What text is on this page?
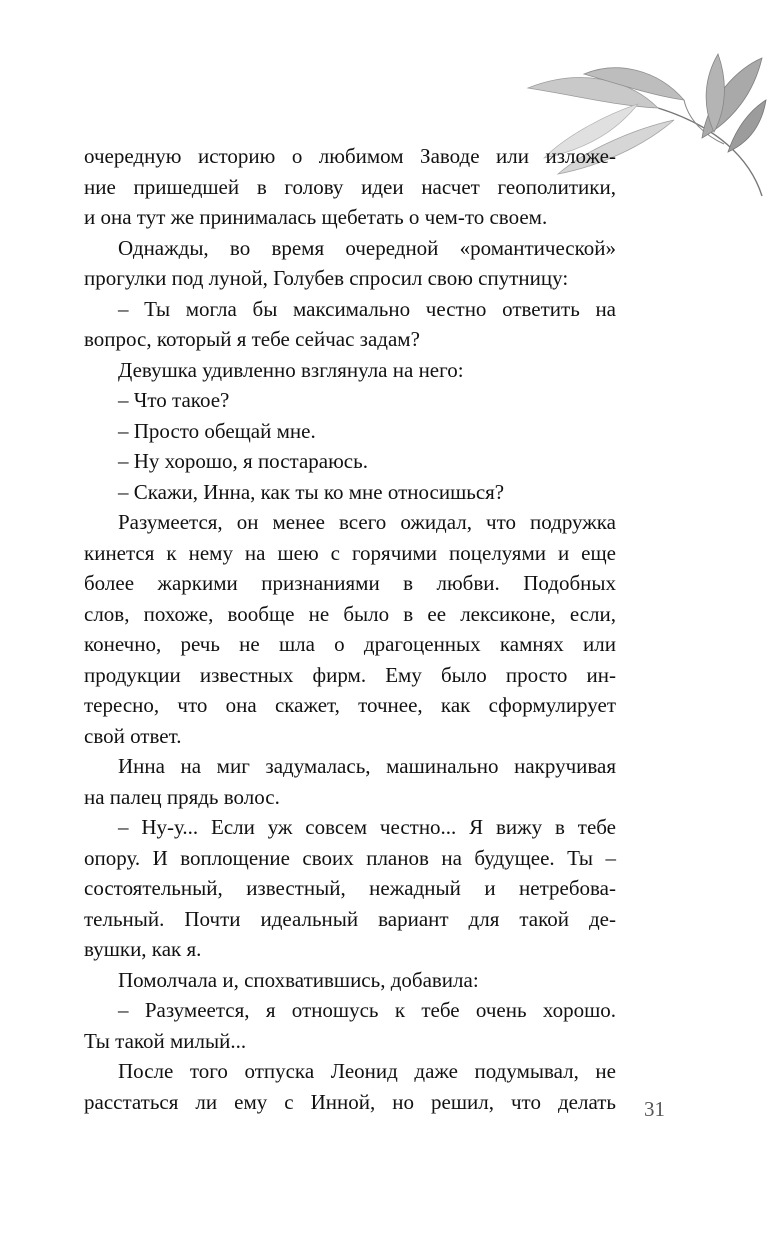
очередную историю о любимом Заводе или изложе-
ние пришедшей в голову идеи насчет геополитики,
и она тут же принималась щебетать о чем-то своем.
Однажды, во время очередной «романтической»
прогулки под луной, Голубев спросил свою спутницу:
– Ты могла бы максимально честно ответить на
вопрос, который я тебе сейчас задам?
Девушка удивленно взглянула на него:
– Что такое?
– Просто обещай мне.
– Ну хорошо, я постараюсь.
– Скажи, Инна, как ты ко мне относишься?
Разумеется, он менее всего ожидал, что подружка
кинется к нему на шею с горячими поцелуями и еще
более жаркими признаниями в любви. Подобных
слов, похоже, вообще не было в ее лексиконе, если,
конечно, речь не шла о драгоценных камнях или
продукции известных фирм. Ему было просто ин-
тересно, что она скажет, точнее, как сформулирует
свой ответ.
Инна на миг задумалась, машинально накручивая
на палец прядь волос.
– Ну-у... Если уж совсем честно... Я вижу в тебе
опору. И воплощение своих планов на будущее. Ты –
состоятельный, известный, нежадный и нетребова-
тельный. Почти идеальный вариант для такой де-
вушки, как я.
Помолчала и, спохватившись, добавила:
– Разумеется, я отношусь к тебе очень хорошо.
Ты такой милый...
После того отпуска Леонид даже подумывал, не
расстаться ли ему с Инной, но решил, что делать 31
